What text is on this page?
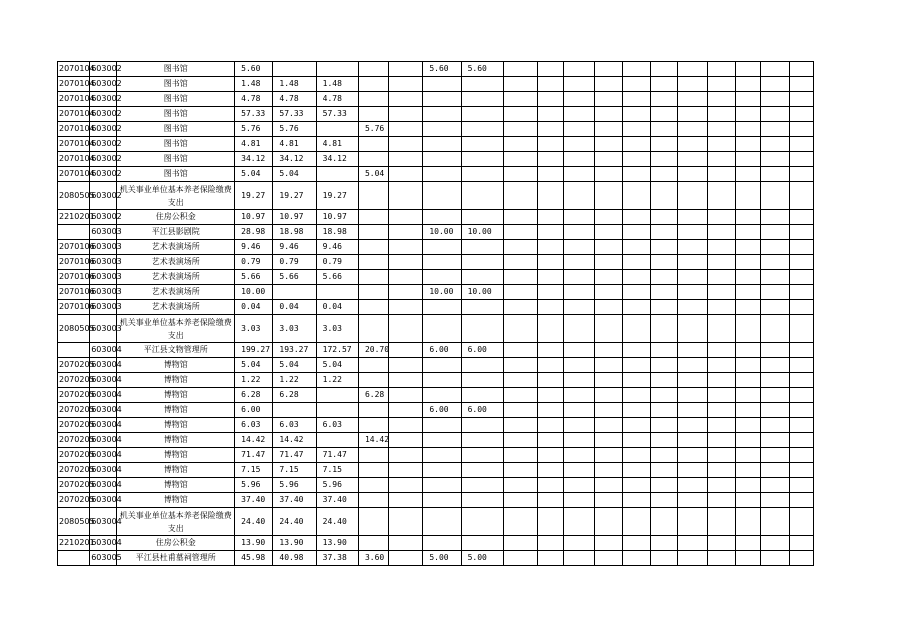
2070104	603002	图书馆	5.60					5.60	5.60											
2070104	603002	图书馆	1.48	1.48	1.48															
2070104	603002	图书馆	4.78	4.78	4.78															
2070104	603002	图书馆	57.33	57.33	57.33															
2070104	603002	图书馆	5.76	5.76		5.76														
2070104	603002	图书馆	4.81	4.81	4.81															
2070104	603002	图书馆	34.12	34.12	34.12															
2070104	603002	图书馆	5.04	5.04		5.04														
2080505	603002	机关事业单位基本养老保险缴费支出	19.27	19.27	19.27															
2210201	603002	住房公积金	10.97	10.97	10.97															
	603003	平江县影剧院	28.98	18.98	18.98			10.00	10.00											
2070106	603003	艺术表演场所	9.46	9.46	9.46															
2070106	603003	艺术表演场所	0.79	0.79	0.79															
2070106	603003	艺术表演场所	5.66	5.66	5.66															
2070106	603003	艺术表演场所	10.00					10.00	10.00											
2070106	603003	艺术表演场所	0.04	0.04	0.04															
2080505	603003	机关事业单位基本养老保险缴费支出	3.03	3.03	3.03															
	603004	平江县文物管理所	199.27	193.27	172.57	20.70		6.00	6.00											
2070205	603004	博物馆	5.04	5.04	5.04															
2070205	603004	博物馆	1.22	1.22	1.22															
2070205	603004	博物馆	6.28	6.28		6.28														
2070205	603004	博物馆	6.00					6.00	6.00											
2070205	603004	博物馆	6.03	6.03	6.03															
2070205	603004	博物馆	14.42	14.42		14.42														
2070205	603004	博物馆	71.47	71.47	71.47															
2070205	603004	博物馆	7.15	7.15	7.15															
2070205	603004	博物馆	5.96	5.96	5.96															
2070205	603004	博物馆	37.40	37.40	37.40															
2080505	603004	机关事业单位基本养老保险缴费支出	24.40	24.40	24.40															
2210201	603004	住房公积金	13.90	13.90	13.90															
	603005	平江县杜甫墓祠管理所	45.98	40.98	37.38	3.60		5.00	5.00											
